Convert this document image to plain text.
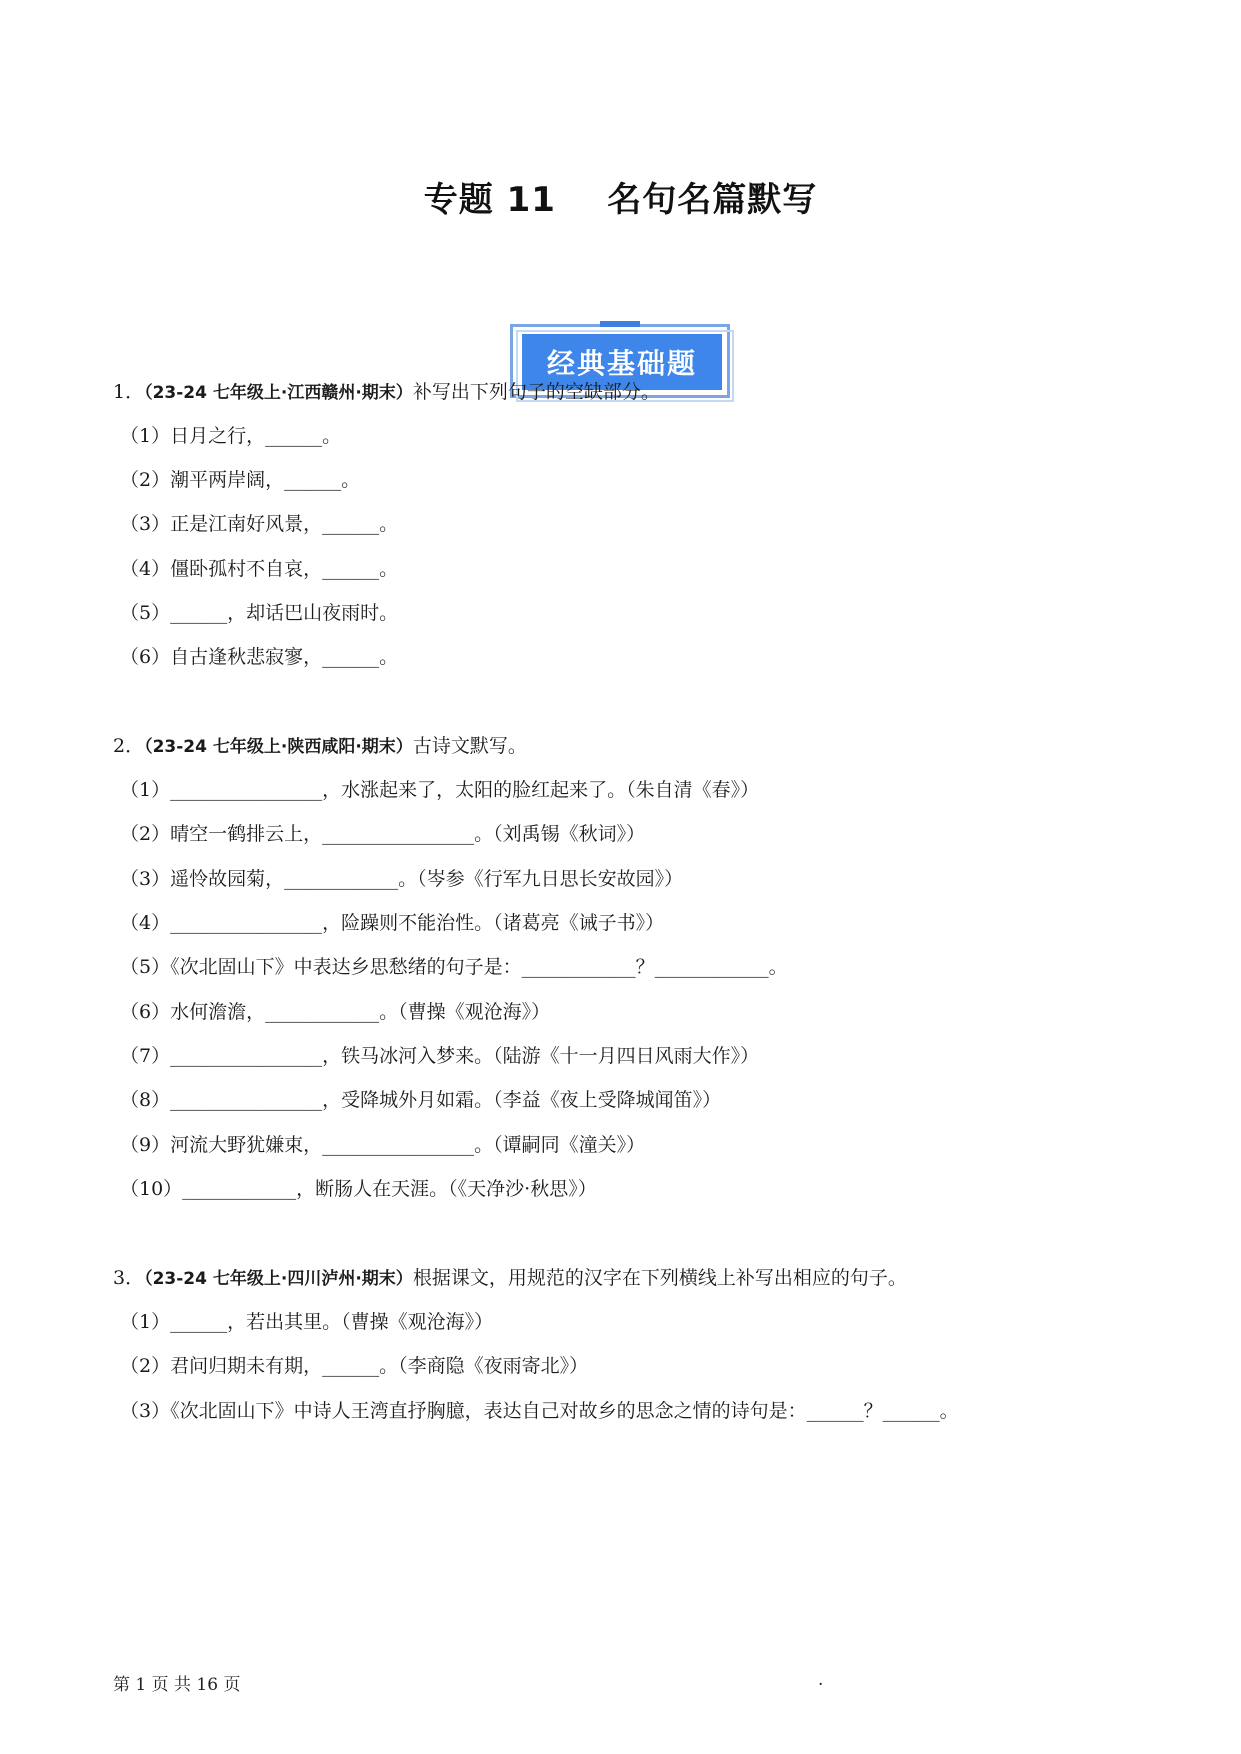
专题 11    名句名篇默写
经典基础题
1．（23-24 七年级上·江西赣州·期末）补写出下列句子的空缺部分。
（1）日月之行，______。
（2）潮平两岸阔，______。
（3）正是江南好风景，______。
（4）僵卧孤村不自哀，______。
（5）______，却话巴山夜雨时。
（6）自古逢秋悲寂寥，______。
2．（23-24 七年级上·陕西咸阳·期末）古诗文默写。
（1）________________，水涨起来了，太阳的脸红起来了。（朱自清《春》）
（2）晴空一鹤排云上，________________。（刘禹锡《秋词》）
（3）遥怜故园菊，____________。（岑参《行军九日思长安故园》）
（4）________________，险躁则不能治性。（诸葛亮《诫子书》）
（5）《次北固山下》中表达乡思愁绪的句子是：____________？____________。
（6）水何澹澹，____________。（曹操《观沧海》）
（7）________________，铁马冰河入梦来。（陆游《十一月四日风雨大作》）
（8）________________，受降城外月如霜。（李益《夜上受降城闻笛》）
（9）河流大野犹嫌束，________________。（谭嗣同《潼关》）
（10）____________，断肠人在天涯。（《天净沙·秋思》）
3．（23-24 七年级上·四川泸州·期末）根据课文，用规范的汉字在下列横线上补写出相应的句子。
（1）______，若出其里。（曹操《观沧海》）
（2）君问归期未有期，______。（李商隐《夜雨寄北》）
（3）《次北固山下》中诗人王湾直抒胸臆，表达自己对故乡的思念之情的诗句是：______？______。
第 1 页 共 16 页	.
